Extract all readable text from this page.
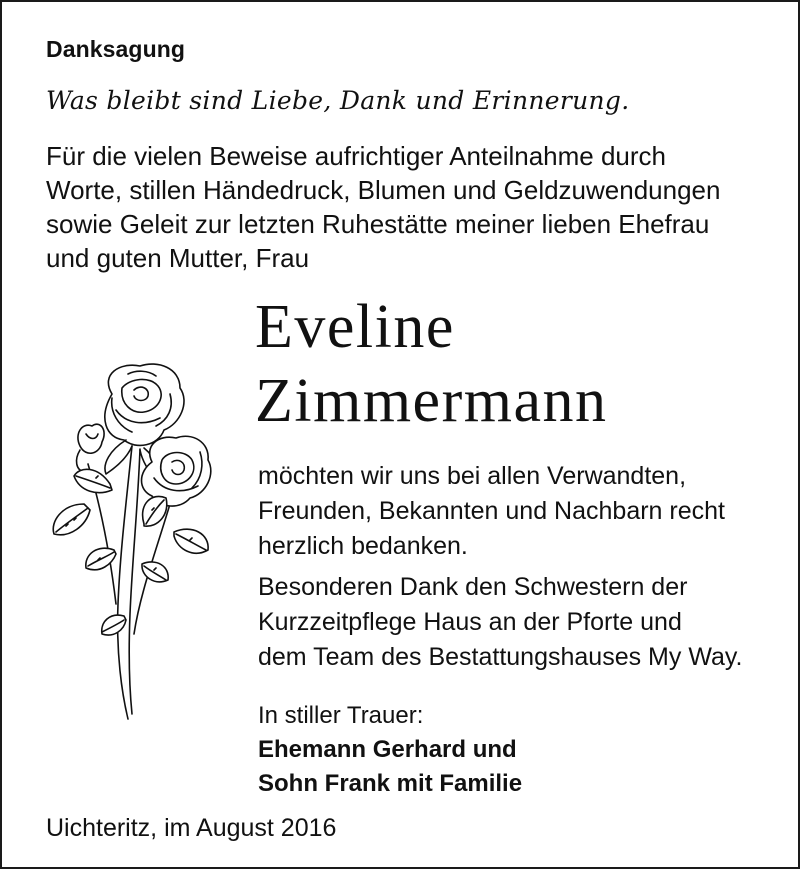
Danksagung
Was bleibt sind Liebe, Dank und Erinnerung.
Für die vielen Beweise aufrichtiger Anteilnahme durch
Worte, stillen Händedruck, Blumen und Geldzuwendungen
sowie Geleit zur letzten Ruhestätte meiner lieben Ehefrau
und guten Mutter, Frau
Eveline
Zimmermann
möchten wir uns bei allen Verwandten,
Freunden, Bekannten und Nachbarn recht
herzlich bedanken.
Besonderen Dank den Schwestern der
Kurzzeitpflege Haus an der Pforte und
dem Team des Bestattungshauses My Way.
In stiller Trauer:
Ehemann Gerhard und
Sohn Frank mit Familie
Uichteritz, im August 2016
